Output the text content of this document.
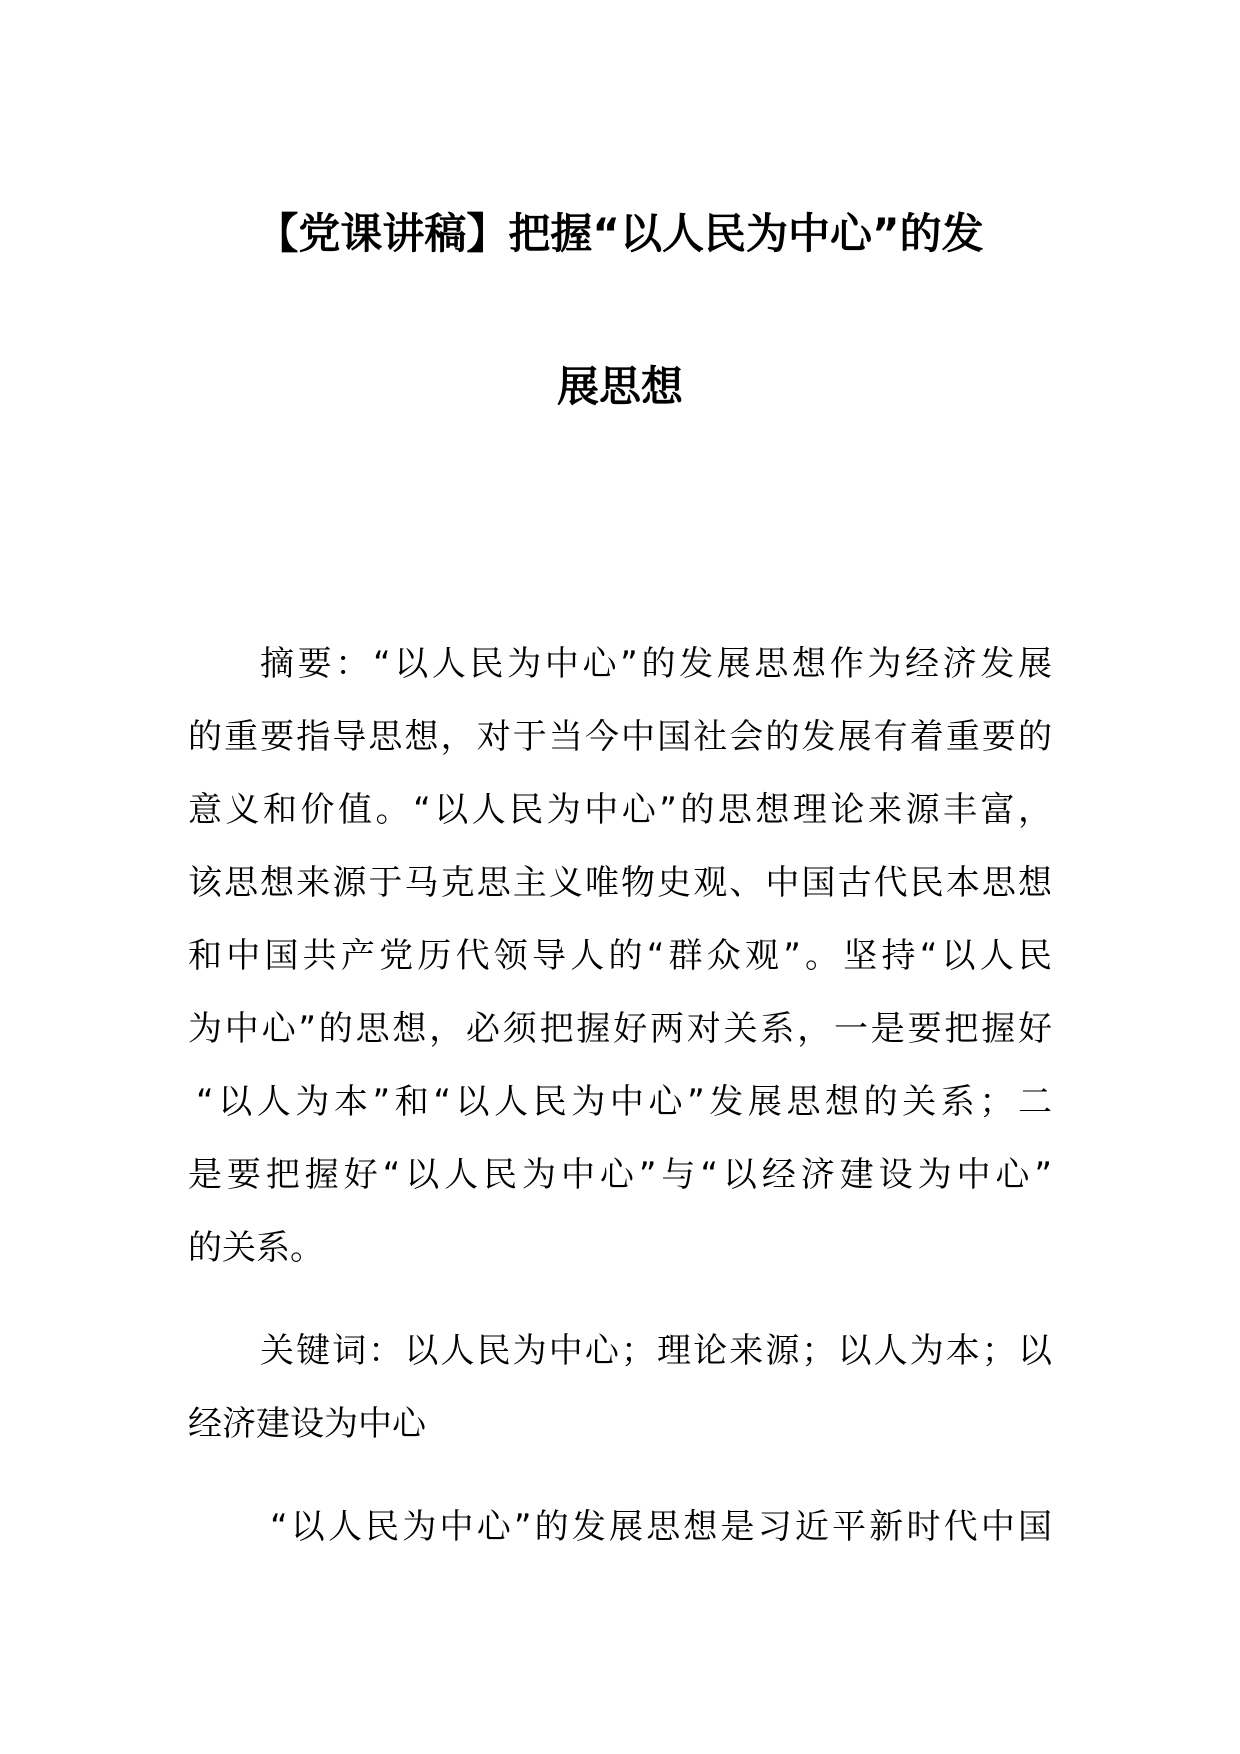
【党课讲稿】把握“以人民为中心”的发
展思想
摘要：“以人民为中心”的发展思想作为经济发展
的重要指导思想，对于当今中国社会的发展有着重要的
意义和价值。“以人民为中心”的思想理论来源丰富，
该思想来源于马克思主义唯物史观、中国古代民本思想
和中国共产党历代领导人的“群众观”。坚持“以人民
为中心”的思想，必须把握好两对关系，一是要把握好
“以人为本”和“以人民为中心”发展思想的关系；二
是要把握好“以人民为中心”与“以经济建设为中心”
的关系。
关键词：以人民为中心；理论来源；以人为本；以
经济建设为中心
“以人民为中心”的发展思想是习近平新时代中国
